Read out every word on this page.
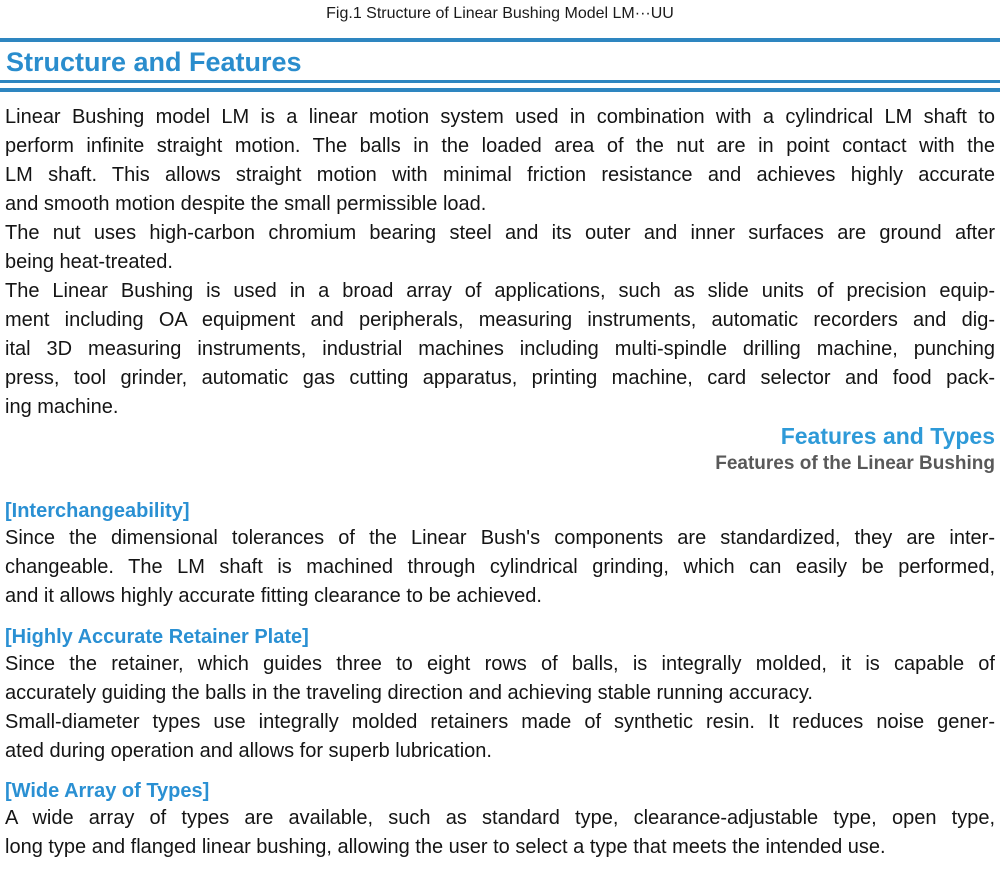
Fig.1 Structure of Linear Bushing Model LM···UU
Structure and Features
Linear Bushing model LM is a linear motion system used in combination with a cylindrical LM shaft to
perform infinite straight motion. The balls in the loaded area of the nut are in point contact with the
LM shaft. This allows straight motion with minimal friction resistance and achieves highly accurate
and smooth motion despite the small permissible load.
The nut uses high-carbon chromium bearing steel and its outer and inner surfaces are ground after
being heat-treated.
The Linear Bushing is used in a broad array of applications, such as slide units of precision equip-
ment including OA equipment and peripherals, measuring instruments, automatic recorders and dig-
ital 3D measuring instruments, industrial machines including multi-spindle drilling machine, punching
press, tool grinder, automatic gas cutting apparatus, printing machine, card selector and food pack-
ing machine.
Features and Types
Features of the Linear Bushing
[Interchangeability]
Since the dimensional tolerances of the Linear Bush's components are standardized, they are inter-
changeable. The LM shaft is machined through cylindrical grinding, which can easily be performed,
and it allows highly accurate fitting clearance to be achieved.
[Highly Accurate Retainer Plate]
Since the retainer, which guides three to eight rows of balls, is integrally molded, it is capable of
accurately guiding the balls in the traveling direction and achieving stable running accuracy.
Small-diameter types use integrally molded retainers made of synthetic resin. It reduces noise gener-
ated during operation and allows for superb lubrication.
[Wide Array of Types]
A wide array of types are available, such as standard type, clearance-adjustable type, open type,
long type and flanged linear bushing, allowing the user to select a type that meets the intended use.
